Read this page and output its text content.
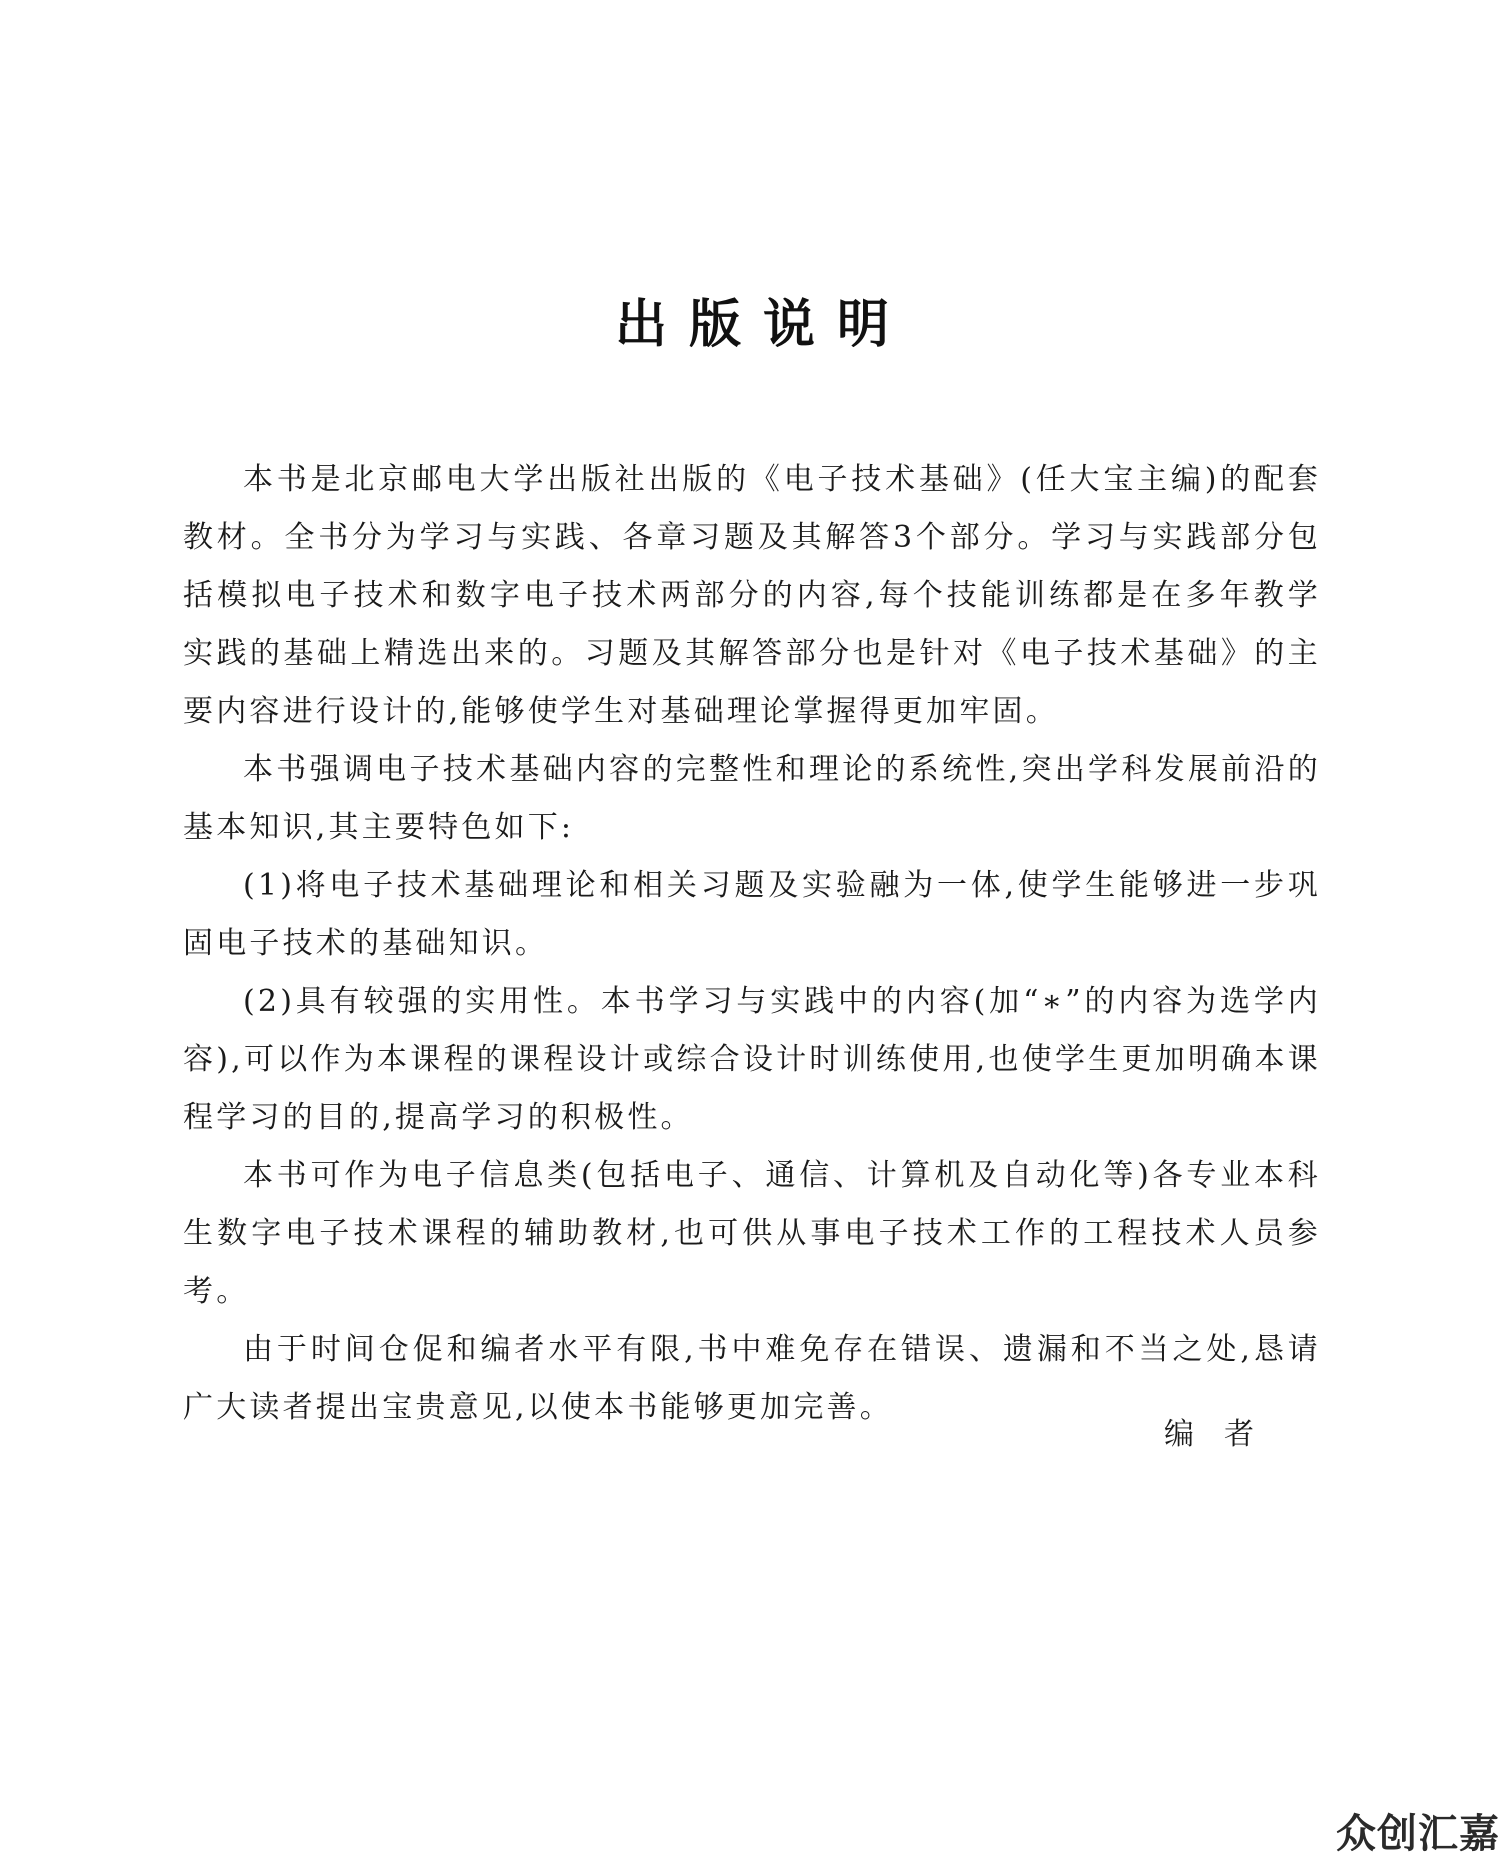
出版说明

本书是北京邮电大学出版社出版的《电子技术基础》(任大宝主编)的配套教材。全书分为学习与实践、各章习题及其解答3个部分。学习与实践部分包括模拟电子技术和数字电子技术两部分的内容,每个技能训练都是在多年教学实践的基础上精选出来的。习题及其解答部分也是针对《电子技术基础》的主要内容进行设计的,能够使学生对基础理论掌握得更加牢固。

本书强调电子技术基础内容的完整性和理论的系统性,突出学科发展前沿的基本知识,其主要特色如下:

(1)将电子技术基础理论和相关习题及实验融为一体,使学生能够进一步巩固电子技术的基础知识。

(2)具有较强的实用性。本书学习与实践中的内容(加“∗”的内容为选学内容),可以作为本课程的课程设计或综合设计时训练使用,也使学生更加明确本课程学习的目的,提高学习的积极性。

本书可作为电子信息类(包括电子、通信、计算机及自动化等)各专业本科生数字电子技术课程的辅助教材,也可供从事电子技术工作的工程技术人员参考。

由于时间仓促和编者水平有限,书中难免存在错误、遗漏和不当之处,恳请广大读者提出宝贵意见,以使本书能够更加完善。

编者
众创汇嘉
